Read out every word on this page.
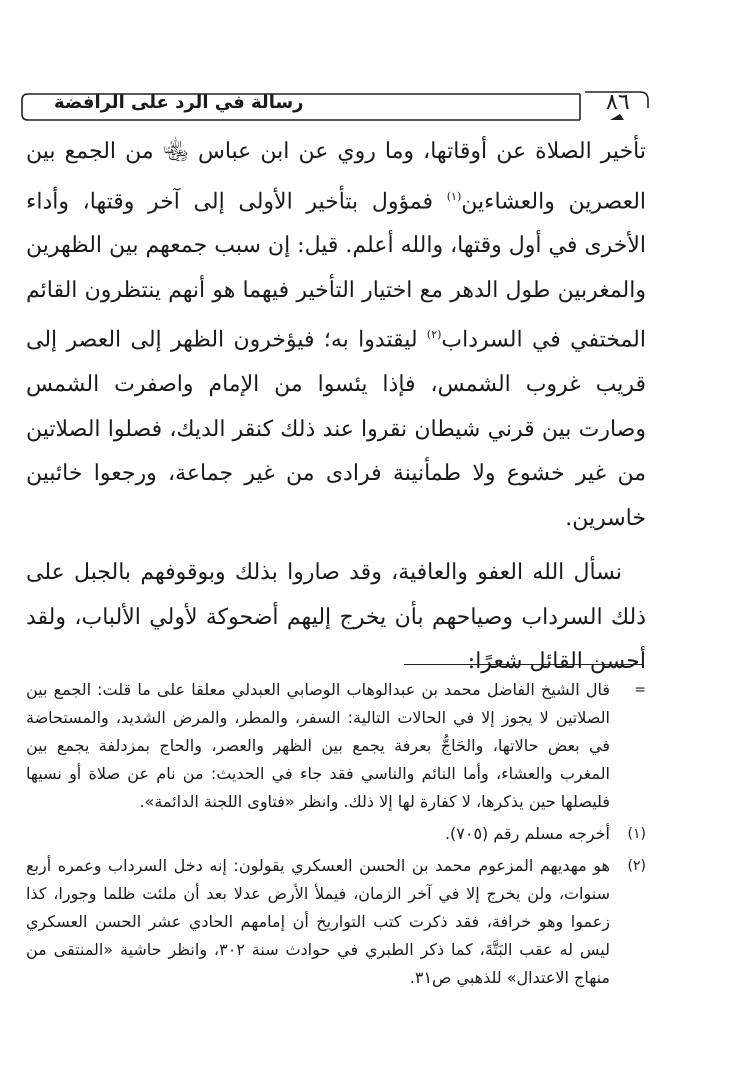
رسالة في الرد على الرافضة	٨٦

تأخير الصلاة عن أوقاتها، وما روي عن ابن عباس ﵄ من الجمع بين العصرين والعشاءين$^{(١)}$ فمؤول بتأخير الأولى إلى آخر وقتها، وأداء الأخرى في أول وقتها، والله أعلم. قيل: إن سبب جمعهم بين الظهرين والمغربين طول الدهر مع اختيار التأخير فيهما هو أنهم ينتظرون القائم المختفي في السرداب$^{(٢)}$ ليقتدوا به؛ فيؤخرون الظهر إلى العصر إلى قريب غروب الشمس، فإذا يئسوا من الإمام واصفرت الشمس وصارت بين قرني شيطان نقروا عند ذلك كنقر الديك، فصلوا الصلاتين من غير خشوع ولا طمأنينة فرادى من غير جماعة، ورجعوا خائبين خاسرين.

نسأل الله العفو والعافية، وقد صاروا بذلك وبوقوفهم بالجبل على ذلك السرداب وصياحهم بأن يخرج إليهم أضحوكة لأولي الألباب، ولقد أحسن القائل شعرًا:

=
قال الشيخ الفاضل محمد بن عبدالوهاب الوصابي العبدلي معلقا على ما قلت: الجمع بين الصلاتين لا يجوز إلا في الحالات التالية: السفر، والمطر، والمرض الشديد، والمستحاضة في بعض حالاتها، والحَاجُّ بعرفة يجمع بين الظهر والعصر، والحاج بمزدلفة يجمع بين المغرب والعشاء، وأما النائم والناسي فقد جاء في الحديث: من نام عن صلاة أو نسيها فليصلها حين يذكرها، لا كفارة لها إلا ذلك. وانظر «فتاوى اللجنة الدائمة».
(١)
أخرجه مسلم رقم (٧٠٥).
(٢)
هو مهديهم المزعوم محمد بن الحسن العسكري يقولون: إنه دخل السرداب وعمره أربع سنوات، ولن يخرج إلا في آخر الزمان، فيملأ الأرض عدلا بعد أن ملئت ظلما وجورا، كذا زعموا وهو خرافة، فقد ذكرت كتب التواريخ أن إمامهم الحادي عشر الحسن العسكري ليس له عقب البَتَّةَ، كما ذكر الطبري في حوادث سنة ٣٠٢، وانظر حاشية «المنتقى من منهاج الاعتدال» للذهبي ص٣١.
